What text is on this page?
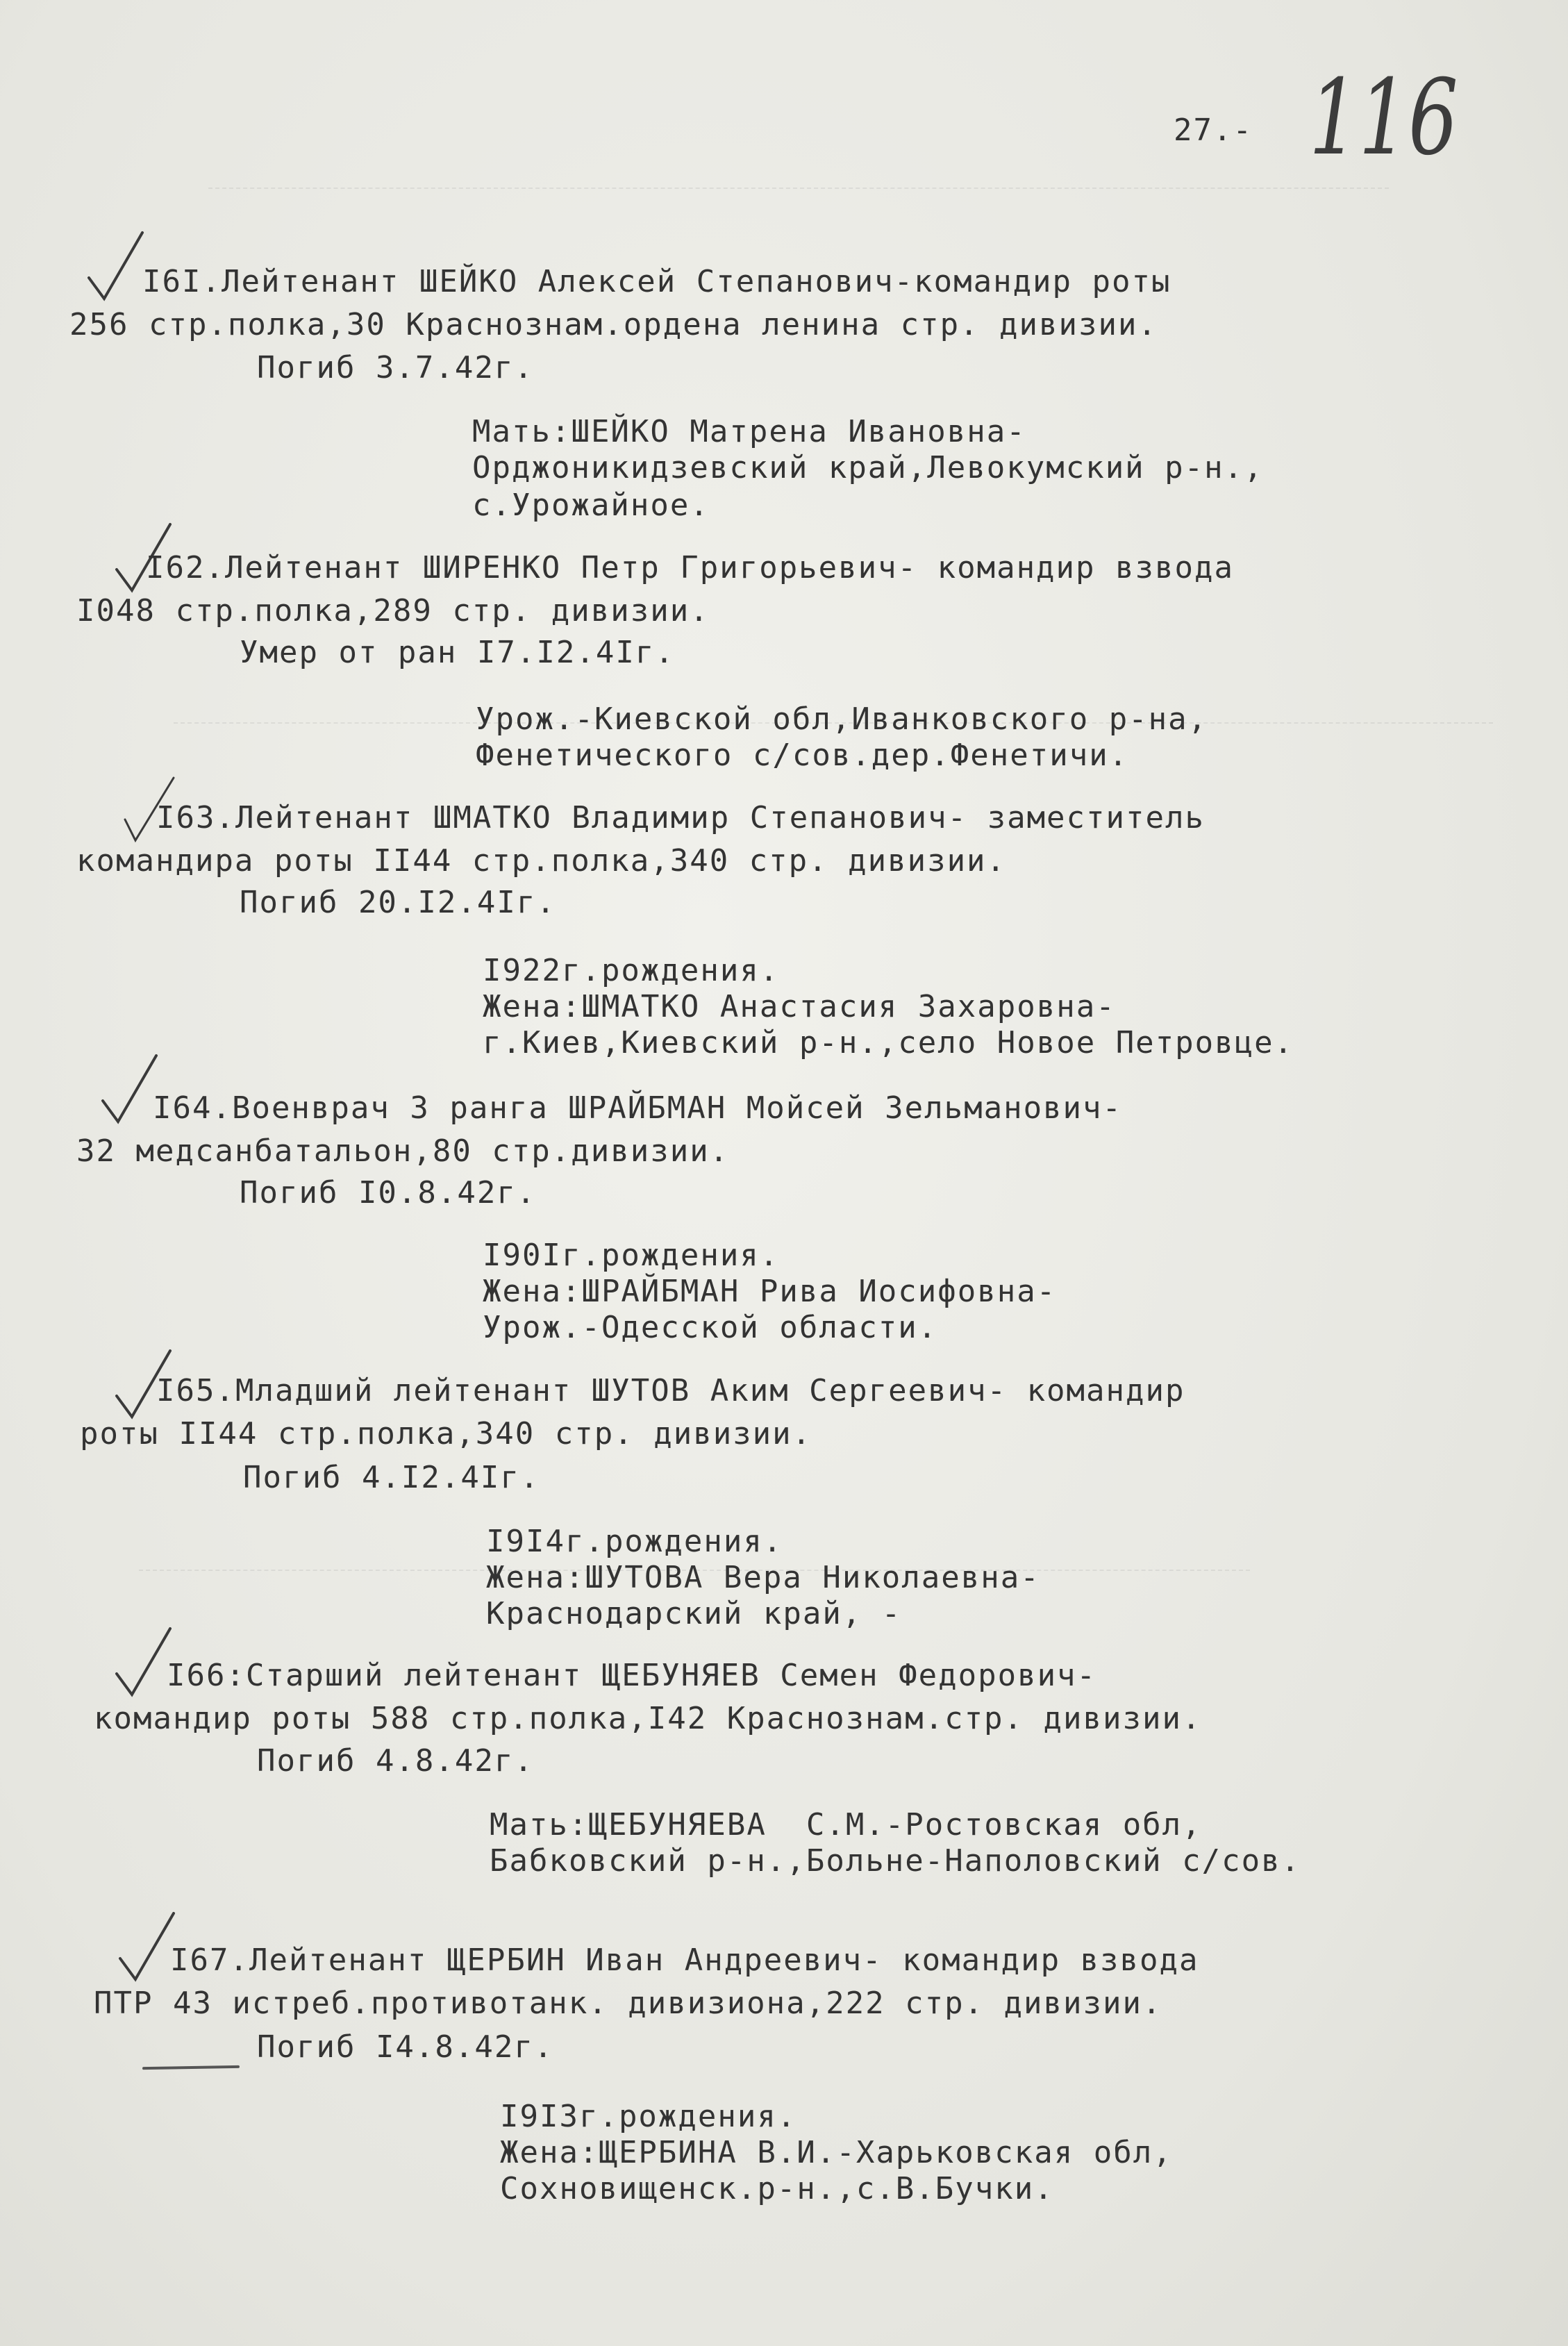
27.- 116
I6I.Лейтенант ШЕЙКО Алексей Степанович-командир роты
256 стр.полка,30 Краснознам.ордена ленина стр. дивизии.
Погиб 3.7.42г.
Мать:ШЕЙКО Матрена Ивановна-
Орджоникидзевский край,Левокумский р-н.,
с.Урожайное.
I62.Лейтенант ШИРЕНКО Петр Григорьевич- командир взвода
I048 стр.полка,289 стр. дивизии.
Умер от ран I7.I2.4Iг.
Урож.-Киевской обл,Иванковского р-на,
Фенетического с/сов.дер.Фенетичи.
I63.Лейтенант ШМАТКО Владимир Степанович- заместитель
командира роты II44 стр.полка,340 стр. дивизии.
Погиб 20.I2.4Iг.
I922г.рождения.
Жена:ШМАТКО Анастасия Захаровна-
г.Киев,Киевский р-н.,село Новое Петровце.
I64.Военврач 3 ранга ШРАЙБМАН Мойсей Зельманович-
32 медсанбатальон,80 стр.дивизии.
Погиб I0.8.42г.
I90Iг.рождения.
Жена:ШРАЙБМАН Рива Иосифовна-
Урож.-Одесской области.
I65.Младший лейтенант ШУТОВ Аким Сергеевич- командир
роты II44 стр.полка,340 стр. дивизии.
Погиб 4.I2.4Iг.
I9I4г.рождения.
Жена:ШУТОВА Вера Николаевна-
Краснодарский край, -
I66:Старший лейтенант ЩЕБУНЯЕВ Семен Федорович-
командир роты 588 стр.полка,I42 Краснознам.стр. дивизии.
Погиб 4.8.42г.
Мать:ЩЕБУНЯЕВА  С.М.-Ростовская обл,
Бабковский р-н.,Больне-Наполовский с/сов.
I67.Лейтенант ЩЕРБИН Иван Андреевич- командир взвода
ПТР 43 истреб.противотанк. дивизиона,222 стр. дивизии.
Погиб I4.8.42г.
I9I3г.рождения.
Жена:ЩЕРБИНА В.И.-Харьковская обл,
Сохновищенск.р-н.,с.В.Бучки.
